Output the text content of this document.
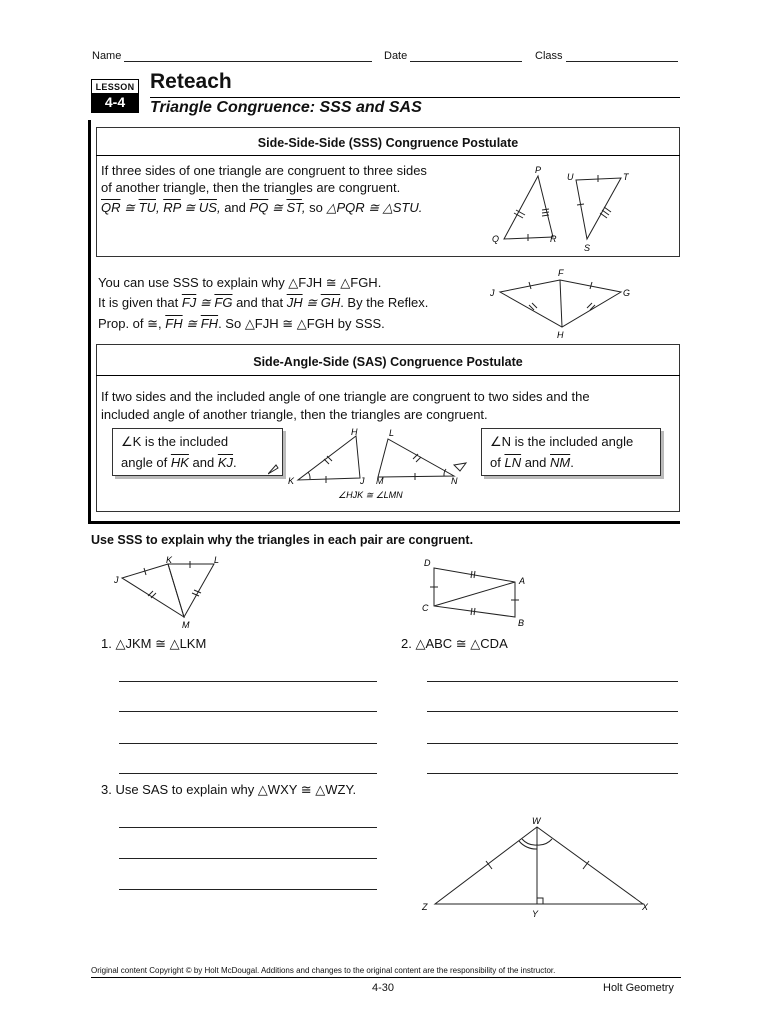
Name	Date	Class
LESSON
4-4
Reteach
Triangle Congruence: SSS and SAS
Side-Side-Side (SSS) Congruence Postulate
If three sides of one triangle are congruent to three sides
of another triangle, then the triangles are congruent.
$\overline{QR}$ ≅ $\overline{TU}$, $\overline{RP}$ ≅ $\overline{US}$, and $\overline{PQ}$ ≅ $\overline{ST}$, so △PQR ≅ △STU.
P
Q	R
U	T
S
You can use SSS to explain why △FJH ≅ △FGH.
It is given that $\overline{FJ}$ ≅ $\overline{FG}$ and that $\overline{JH}$ ≅ $\overline{GH}$. By the Reflex.
Prop. of ≅, $\overline{FH}$ ≅ $\overline{FH}$. So △FJH ≅ △FGH by SSS.
F
J	G
H
Side-Angle-Side (SAS) Congruence Postulate
If two sides and the included angle of one triangle are congruent to two sides and the
included angle of another triangle, then the triangles are congruent.
∠K is the included
angle of $\overline{HK}$ and $\overline{KJ}$.
∠N is the included angle
of $\overline{LN}$ and $\overline{NM}$.
H
K	J
L
M	N
∠HJK ≅ ∠LMN
Use SSS to explain why the triangles in each pair are congruent.
K	L
J
M
D
A
C
B
1. △JKM ≅ △LKM	2. △ABC ≅ △CDA
3. Use SAS to explain why △WXY ≅ △WZY.
W
Z	X
Y
Original content Copyright © by Holt McDougal. Additions and changes to the original content are the responsibility of the instructor.
4-30	Holt Geometry
